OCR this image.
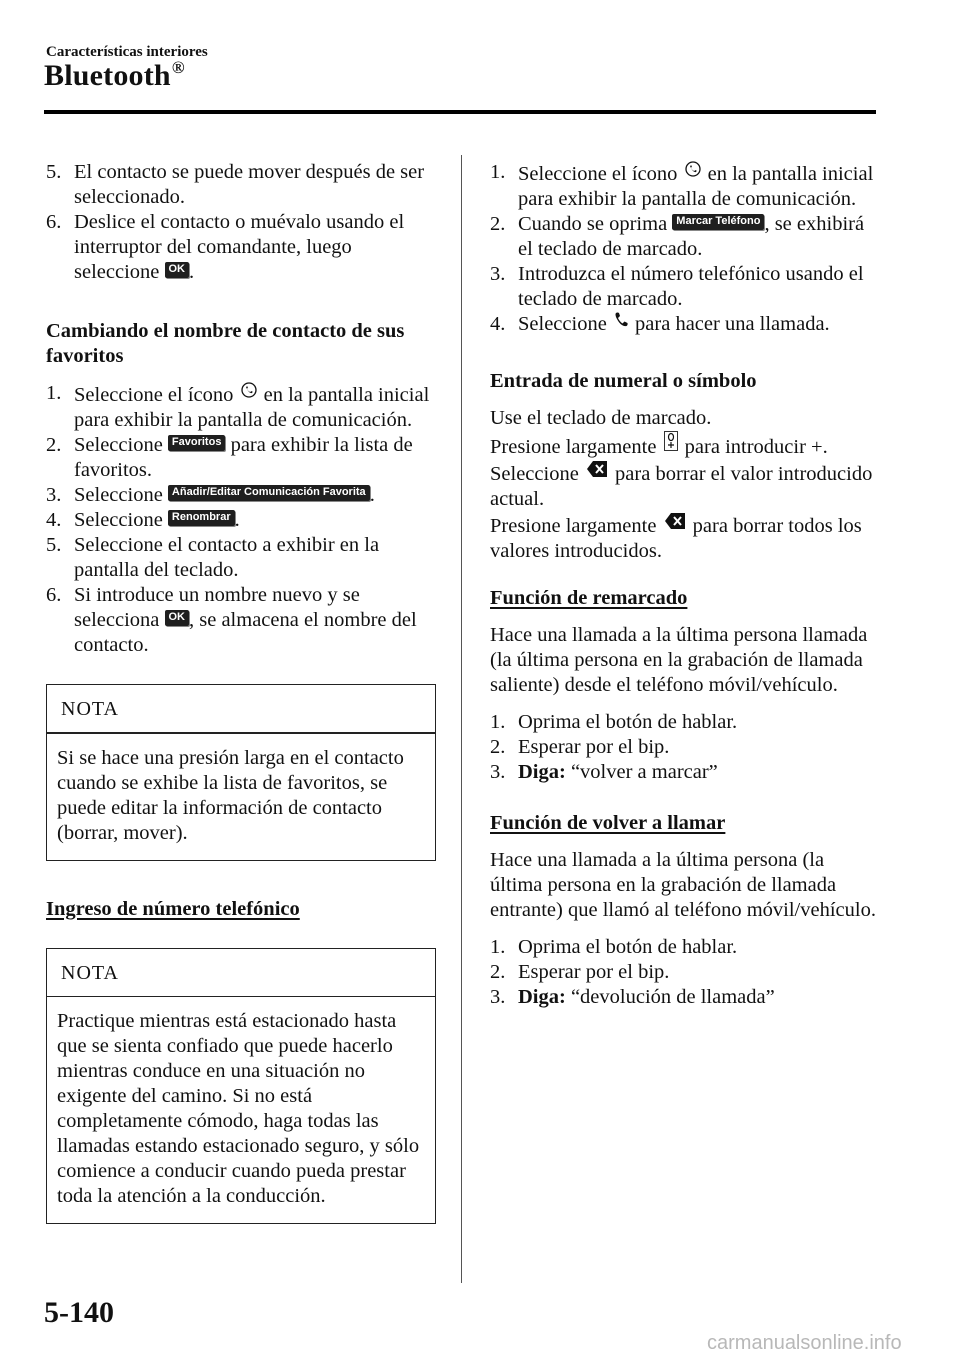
Características interiores
Bluetooth®
5. El contacto se puede mover después de ser seleccionado.
6. Deslice el contacto o muévalo usando el interruptor del comandante, luego seleccione OK .
Cambiando el nombre de contacto de sus favoritos
1. Seleccione el ícono  en la pantalla inicial para exhibir la pantalla de comunicación.
2. Seleccione Favoritos para exhibir la lista de favoritos.
3. Seleccione Añadir/Editar Comunicación Favorita .
4. Seleccione Renombrar .
5. Seleccione el contacto a exhibir en la pantalla del teclado.
6. Si introduce un nombre nuevo y se selecciona OK , se almacena el nombre del contacto.
NOTA
Si se hace una presión larga en el contacto cuando se exhibe la lista de favoritos, se puede editar la información de contacto (borrar, mover).
Ingreso de número telefónico
NOTA
Practique mientras está estacionado hasta que se sienta confiado que puede hacerlo mientras conduce en una situación no exigente del camino. Si no está completamente cómodo, haga todas las llamadas estando estacionado seguro, y sólo comience a conducir cuando pueda prestar toda la atención a la conducción.
1. Seleccione el ícono  en la pantalla inicial para exhibir la pantalla de comunicación.
2. Cuando se oprima Marcar Teléfono , se exhibirá el teclado de marcado.
3. Introduzca el número telefónico usando el teclado de marcado.
4. Seleccione  para hacer una llamada.
Entrada de numeral o símbolo
Use el teclado de marcado.
Presione largamente  para introducir +.
Seleccione  para borrar el valor introducido actual.
Presione largamente  para borrar todos los valores introducidos.
Función de remarcado
Hace una llamada a la última persona llamada (la última persona en la grabación de llamada saliente) desde el teléfono móvil/vehículo.
1. Oprima el botón de hablar.
2. Esperar por el bip.
3. Diga: “volver a marcar”
Función de volver a llamar
Hace una llamada a la última persona (la última persona en la grabación de llamada entrante) que llamó al teléfono móvil/vehículo.
1. Oprima el botón de hablar.
2. Esperar por el bip.
3. Diga: “devolución de llamada”
5-140
carmanualsonline.info
